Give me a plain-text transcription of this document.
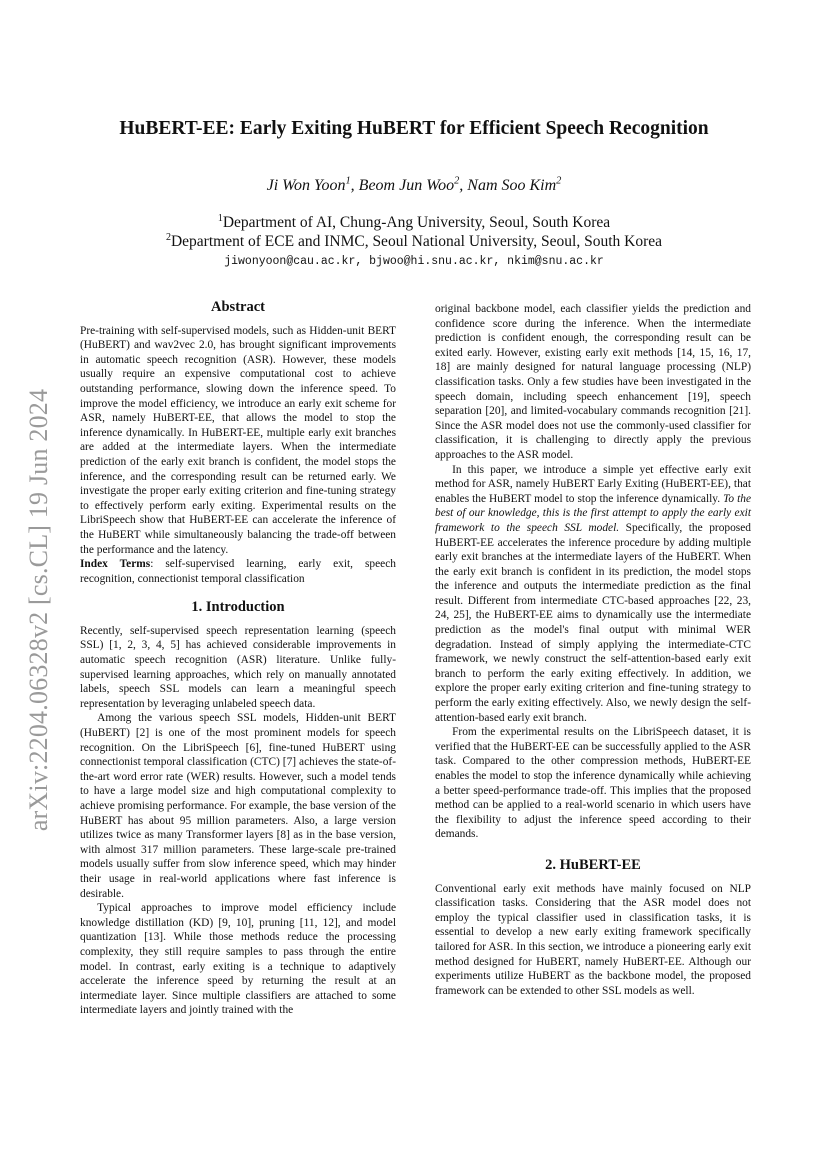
arXiv:2204.06328v2 [cs.CL] 19 Jun 2024
HuBERT-EE: Early Exiting HuBERT for Efficient Speech Recognition
Ji Won Yoon$^1$, Beom Jun Woo$^2$, Nam Soo Kim$^2$
$^1$Department of AI, Chung-Ang University, Seoul, South Korea
$^2$Department of ECE and INMC, Seoul National University, Seoul, South Korea
jiwonyoon@cau.ac.kr, bjwoo@hi.snu.ac.kr, nkim@snu.ac.kr
Abstract

Pre-training with self-supervised models, such as Hidden-unit BERT (HuBERT) and wav2vec 2.0, has brought significant improvements in automatic speech recognition (ASR). However, these models usually require an expensive computational cost to achieve outstanding performance, slowing down the inference speed. To improve the model efficiency, we introduce an early exit scheme for ASR, namely HuBERT-EE, that allows the model to stop the inference dynamically. In HuBERT-EE, multiple early exit branches are added at the intermediate layers. When the intermediate prediction of the early exit branch is confident, the model stops the inference, and the corresponding result can be returned early. We investigate the proper early exiting criterion and fine-tuning strategy to effectively perform early exiting. Experimental results on the LibriSpeech show that HuBERT-EE can accelerate the inference of the HuBERT while simultaneously balancing the trade-off between the performance and the latency.

Index Terms: self-supervised learning, early exit, speech recognition, connectionist temporal classification

1. Introduction

Recently, self-supervised speech representation learning (speech SSL) [1, 2, 3, 4, 5] has achieved considerable improvements in automatic speech recognition (ASR) literature. Unlike fully-supervised learning approaches, which rely on manually annotated labels, speech SSL models can learn a meaningful speech representation by leveraging unlabeled speech data.

Among the various speech SSL models, Hidden-unit BERT (HuBERT) [2] is one of the most prominent models for speech recognition. On the LibriSpeech [6], fine-tuned HuBERT using connectionist temporal classification (CTC) [7] achieves the state-of-the-art word error rate (WER) results. However, such a model tends to have a large model size and high computational complexity to achieve promising performance. For example, the base version of the HuBERT has about 95 million parameters. Also, a large version utilizes twice as many Transformer layers [8] as in the base version, with almost 317 million parameters. These large-scale pre-trained models usually suffer from slow inference speed, which may hinder their usage in real-world applications where fast inference is desirable.

Typical approaches to improve model efficiency include knowledge distillation (KD) [9, 10], pruning [11, 12], and model quantization [13]. While those methods reduce the processing complexity, they still require samples to pass through the entire model. In contrast, early exiting is a technique to adaptively accelerate the inference speed by returning the result at an intermediate layer. Since multiple classifiers are attached to some intermediate layers and jointly trained with the

original backbone model, each classifier yields the prediction and confidence score during the inference. When the intermediate prediction is confident enough, the corresponding result can be exited early. However, existing early exit methods [14, 15, 16, 17, 18] are mainly designed for natural language processing (NLP) classification tasks. Only a few studies have been investigated in the speech domain, including speech enhancement [19], speech separation [20], and limited-vocabulary commands recognition [21]. Since the ASR model does not use the commonly-used classifier for classification, it is challenging to directly apply the previous approaches to the ASR model.

In this paper, we introduce a simple yet effective early exit method for ASR, namely HuBERT Early Exiting (HuBERT-EE), that enables the HuBERT model to stop the inference dynamically. To the best of our knowledge, this is the first attempt to apply the early exit framework to the speech SSL model. Specifically, the proposed HuBERT-EE accelerates the inference procedure by adding multiple early exit branches at the intermediate layers of the HuBERT. When the early exit branch is confident in its prediction, the model stops the inference and outputs the intermediate prediction as the final result. Different from intermediate CTC-based approaches [22, 23, 24, 25], the HuBERT-EE aims to dynamically use the intermediate prediction as the model's final output with minimal WER degradation. Instead of simply applying the intermediate-CTC framework, we newly construct the self-attention-based early exit branch to perform the early exiting effectively. In addition, we explore the proper early exiting criterion and fine-tuning strategy to perform the early exiting effectively. Also, we newly design the self-attention-based early exit branch.

From the experimental results on the LibriSpeech dataset, it is verified that the HuBERT-EE can be successfully applied to the ASR task. Compared to the other compression methods, HuBERT-EE enables the model to stop the inference dynamically while achieving a better speed-performance trade-off. This implies that the proposed method can be applied to a real-world scenario in which users have the flexibility to adjust the inference speed according to their demands.

2. HuBERT-EE

Conventional early exit methods have mainly focused on NLP classification tasks. Considering that the ASR model does not employ the typical classifier used in classification tasks, it is essential to develop a new early exiting framework specifically tailored for ASR. In this section, we introduce a pioneering early exit method designed for HuBERT, namely HuBERT-EE. Although our experiments utilize HuBERT as the backbone model, the proposed framework can be extended to other SSL models as well.
